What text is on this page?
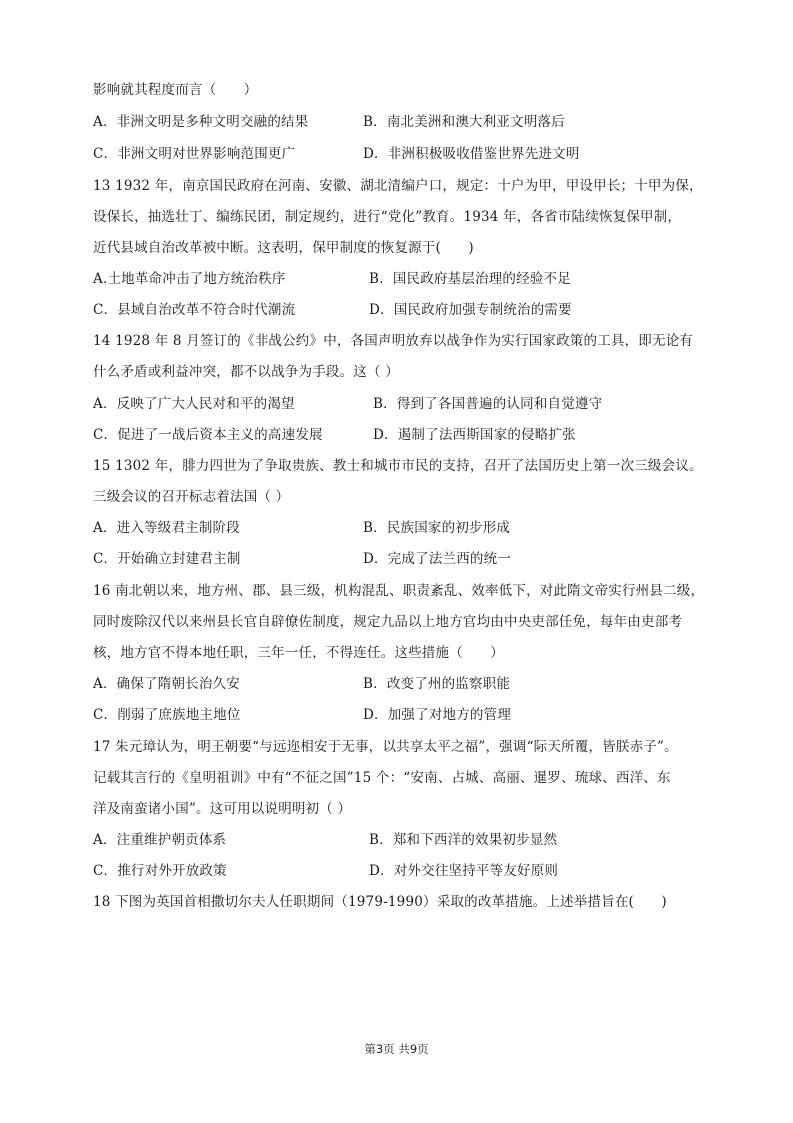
影响就其程度而言（　　）
A．非洲文明是多种文明交融的结果	B．南北美洲和澳大利亚文明落后
C．非洲文明对世界影响范围更广	D．非洲积极吸收借鉴世界先进文明
13 1932 年，南京国民政府在河南、安徽、湖北清编户口，规定：十户为甲，甲设甲长；十甲为保，
设保长，抽选壮丁、编练民团，制定规约，进行“党化”教育。1934 年，各省市陆续恢复保甲制，
近代县域自治改革被中断。这表明，保甲制度的恢复源于(　　)
A.土地革命冲击了地方统治秩序	B．国民政府基层治理的经验不足
C．县域自治改革不符合时代潮流	D．国民政府加强专制统治的需要
14 1928 年 8 月签订的《非战公约》中，各国声明放弃以战争作为实行国家政策的工具，即无论有
什么矛盾或利益冲突，都不以战争为手段。这（ ）
A．反映了广大人民对和平的渴望	B．得到了各国普遍的认同和自觉遵守
C．促进了一战后资本主义的高速发展	D．遏制了法西斯国家的侵略扩张
15 1302 年，腓力四世为了争取贵族、教士和城市市民的支持，召开了法国历史上第一次三级会议。
三级会议的召开标志着法国（ ）
A．进入等级君主制阶段	B．民族国家的初步形成
C．开始确立封建君主制	D．完成了法兰西的统一
16 南北朝以来，地方州、郡、县三级，机构混乱、职责紊乱、效率低下，对此隋文帝实行州县二级，
同时废除汉代以来州县长官自辟僚佐制度，规定九品以上地方官均由中央吏部任免，每年由吏部考
核，地方官不得本地任职，三年一任，不得连任。这些措施（　　）
A．确保了隋朝长治久安	B．改变了州的监察职能
C．削弱了庶族地主地位	D．加强了对地方的管理
17 朱元璋认为，明王朝要“与远迩相安于无事，以共享太平之福”，强调“际天所覆，皆朕赤子”。
记载其言行的《皇明祖训》中有“不征之国”15 个：“安南、占城、高丽、暹罗、琉球、西洋、东
洋及南蛮诸小国”。这可用以说明明初（ ）
A．注重维护朝贡体系	B．郑和下西洋的效果初步显然
C．推行对外开放政策	D．对外交往坚持平等友好原则
18 下图为英国首相撒切尔夫人任职期间（1979-1990）采取的改革措施。上述举措旨在(　　)
第3页 共9页
